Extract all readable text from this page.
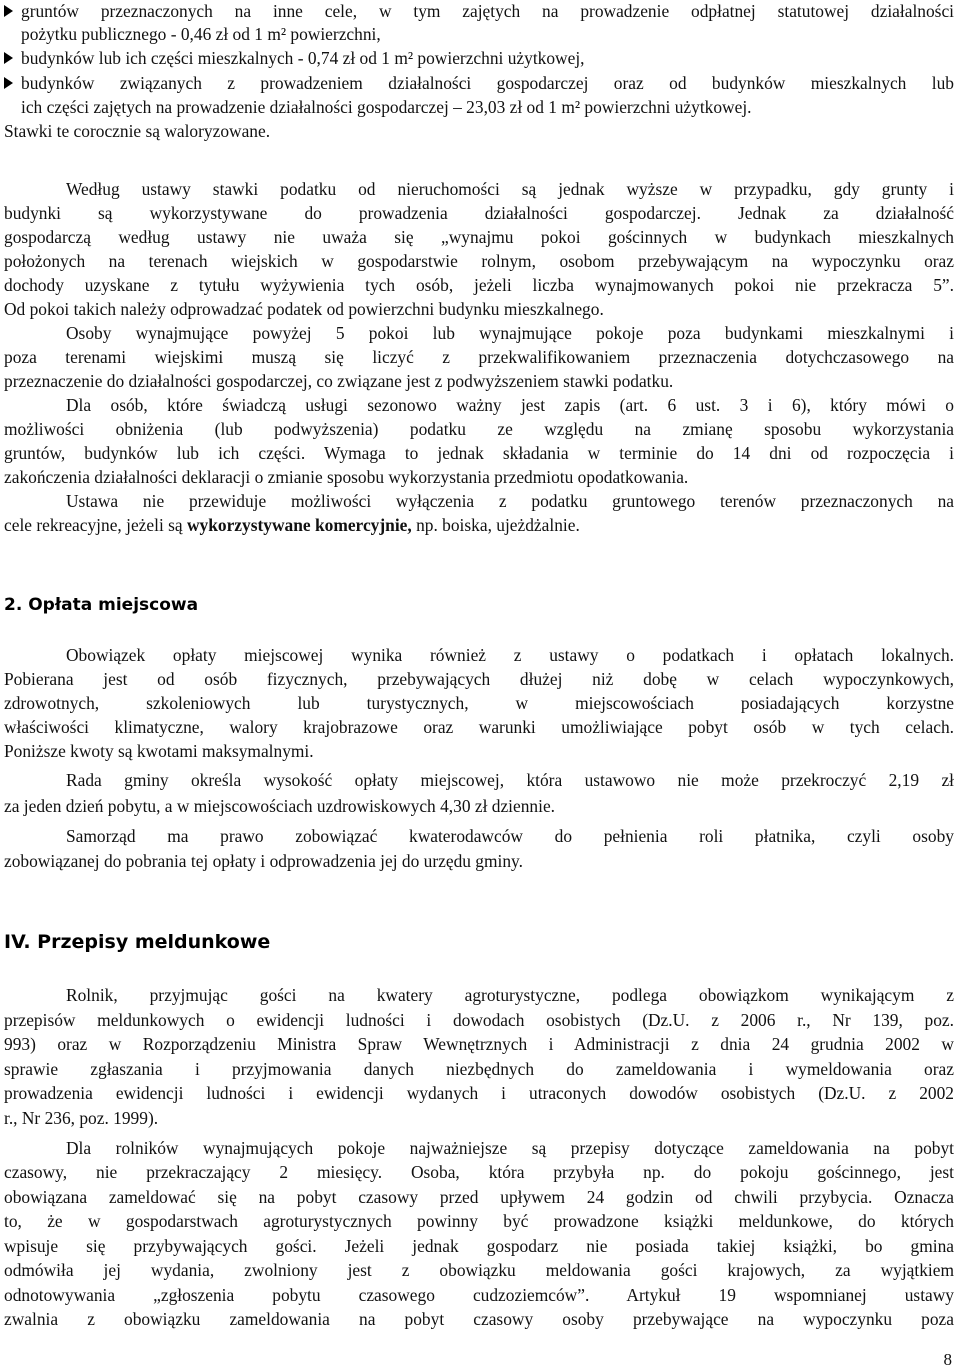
gruntów przeznaczonych na inne cele, w tym zajętych na prowadzenie odpłatnej statutowej działalności
pożytku publicznego - 0,46 zł od 1 m² powierzchni,
budynków lub ich części mieszkalnych - 0,74 zł od 1 m² powierzchni użytkowej,
budynków związanych z prowadzeniem działalności gospodarczej oraz od budynków mieszkalnych lub
ich części zajętych na prowadzenie działalności gospodarczej – 23,03 zł od 1 m² powierzchni użytkowej.
Stawki te corocznie są waloryzowane.
Według ustawy stawki podatku od nieruchomości są jednak wyższe w przypadku, gdy grunty i
budynki są wykorzystywane do prowadzenia działalności gospodarczej. Jednak za działalność
gospodarczą według ustawy nie uważa się „wynajmu pokoi gościnnych w budynkach mieszkalnych
położonych na terenach wiejskich w gospodarstwie rolnym, osobom przebywającym na wypoczynku oraz
dochody uzyskane z tytułu wyżywienia tych osób, jeżeli liczba wynajmowanych pokoi nie przekracza 5”.
Od pokoi takich należy odprowadzać podatek od powierzchni budynku mieszkalnego.
Osoby wynajmujące powyżej 5 pokoi lub wynajmujące pokoje poza budynkami mieszkalnymi i
poza terenami wiejskimi muszą się liczyć z przekwalifikowaniem przeznaczenia dotychczasowego na
przeznaczenie do działalności gospodarczej, co związane jest z podwyższeniem stawki podatku.
Dla osób, które świadczą usługi sezonowo ważny jest zapis (art. 6 ust. 3 i 6), który mówi o
możliwości obniżenia (lub podwyższenia) podatku ze względu na zmianę sposobu wykorzystania
gruntów, budynków lub ich części. Wymaga to jednak składania w terminie do 14 dni od rozpoczęcia i
zakończenia działalności deklaracji o zmianie sposobu wykorzystania przedmiotu opodatkowania.
Ustawa nie przewiduje możliwości wyłączenia z podatku gruntowego terenów przeznaczonych na
cele rekreacyjne, jeżeli są wykorzystywane komercyjnie, np. boiska, ujeżdżalnie.
2. Opłata miejscowa
Obowiązek opłaty miejscowej wynika również z ustawy o podatkach i opłatach lokalnych.
Pobierana jest od osób fizycznych, przebywających dłużej niż dobę w celach wypoczynkowych,
zdrowotnych, szkoleniowych lub turystycznych, w miejscowościach posiadających korzystne
właściwości klimatyczne, walory krajobrazowe oraz warunki umożliwiające pobyt osób w tych celach.
Poniższe kwoty są kwotami maksymalnymi.
Rada gminy określa wysokość opłaty miejscowej, która ustawowo nie może przekroczyć 2,19 zł
za jeden dzień pobytu, a w miejscowościach uzdrowiskowych 4,30 zł dziennie.
Samorząd ma prawo zobowiązać kwaterodawców do pełnienia roli płatnika, czyli osoby
zobowiązanej do pobrania tej opłaty i odprowadzenia jej do urzędu gminy.
IV. Przepisy meldunkowe
Rolnik, przyjmując gości na kwatery agroturystyczne, podlega obowiązkom wynikającym z
przepisów meldunkowych o ewidencji ludności i dowodach osobistych (Dz.U. z 2006 r., Nr 139, poz.
993) oraz w Rozporządzeniu Ministra Spraw Wewnętrznych i Administracji z dnia 24 grudnia 2002 w
sprawie zgłaszania i przyjmowania danych niezbędnych do zameldowania i wymeldowania oraz
prowadzenia ewidencji ludności i ewidencji wydanych i utraconych dowodów osobistych (Dz.U. z 2002
r., Nr 236, poz. 1999).
Dla rolników wynajmujących pokoje najważniejsze są przepisy dotyczące zameldowania na pobyt
czasowy, nie przekraczający 2 miesięcy. Osoba, która przybyła np. do pokoju gościnnego, jest
obowiązana zameldować się na pobyt czasowy przed upływem 24 godzin od chwili przybycia. Oznacza
to, że w gospodarstwach agroturystycznych powinny być prowadzone książki meldunkowe, do których
wpisuje się przybywających gości. Jeżeli jednak gospodarz nie posiada takiej książki, bo gmina
odmówiła jej wydania, zwolniony jest z obowiązku meldowania gości krajowych, za wyjątkiem
odnotowywania „zgłoszenia pobytu czasowego cudzoziemców”. Artykuł 19 wspomnianej ustawy
zwalnia z obowiązku zameldowania na pobyt czasowy osoby przebywające na wypoczynku poza
8
